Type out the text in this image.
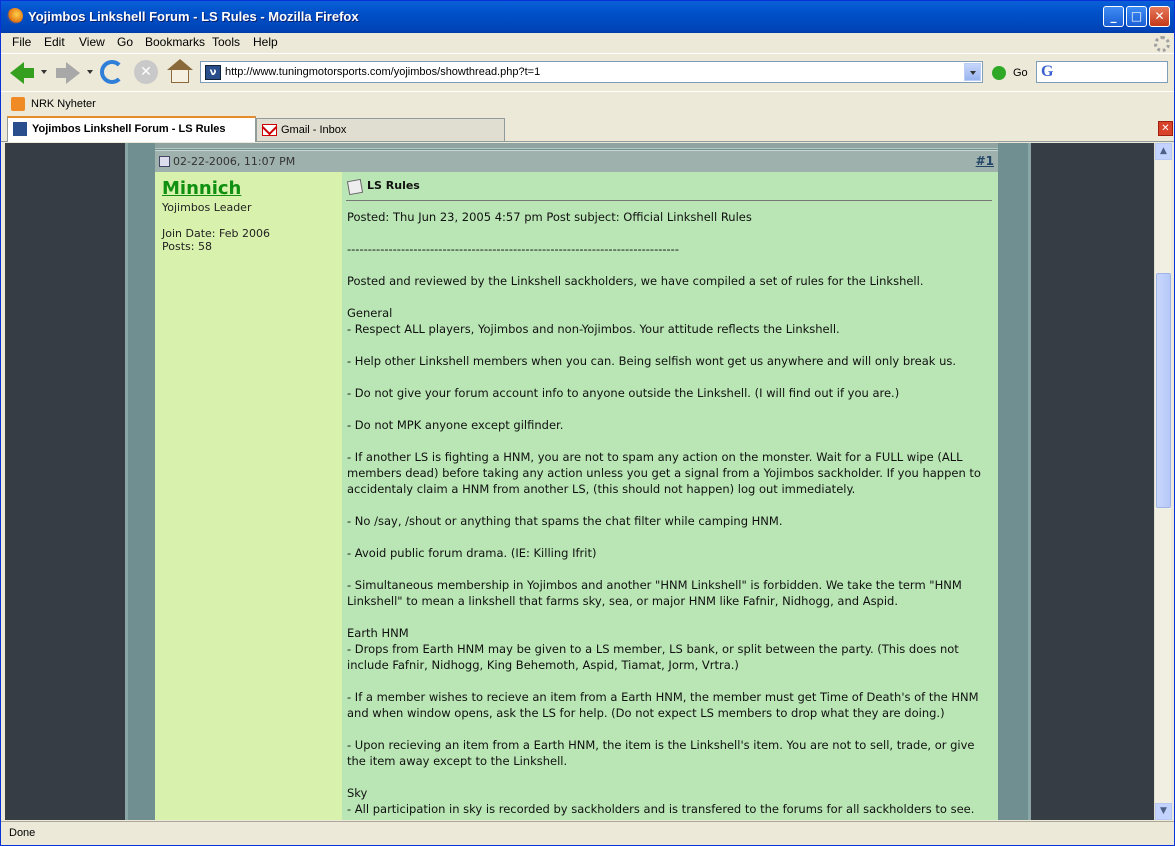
Yojimbos Linkshell Forum - LS Rules - Mozilla Firefox	_	□	✕
File Edit View Go Bookmarks Tools Help
✕	ν http://www.tuningmotorsports.com/yojimbos/showthread.php?t=1	Go G
NRK Nyheter
Yojimbos Linkshell Forum - LS Rules	Gmail - Inbox	✕
02-22-2006, 11:07 PM	#1
Minnich
Yojimbos Leader
Join Date: Feb 2006
Posts: 58
LS Rules
Posted: Thu Jun 23, 2005 4:57 pm Post subject: Official Linkshell Rules
--------------------------------------------------------------------------------
Posted and reviewed by the Linkshell sackholders, we have compiled a set of rules for the Linkshell.
General
- Respect ALL players, Yojimbos and non-Yojimbos. Your attitude reflects the Linkshell.
- Help other Linkshell members when you can. Being selfish wont get us anywhere and will only break us.
- Do not give your forum account info to anyone outside the Linkshell. (I will find out if you are.)
- Do not MPK anyone except gilfinder.
- If another LS is fighting a HNM, you are not to spam any action on the monster. Wait for a FULL wipe (ALL
members dead) before taking any action unless you get a signal from a Yojimbos sackholder. If you happen to
accidentaly claim a HNM from another LS, (this should not happen) log out immediately.
- No /say, /shout or anything that spams the chat filter while camping HNM.
- Avoid public forum drama. (IE: Killing Ifrit)
- Simultaneous membership in Yojimbos and another "HNM Linkshell" is forbidden. We take the term "HNM
Linkshell" to mean a linkshell that farms sky, sea, or major HNM like Fafnir, Nidhogg, and Aspid.
Earth HNM
- Drops from Earth HNM may be given to a LS member, LS bank, or split between the party. (This does not
include Fafnir, Nidhogg, King Behemoth, Aspid, Tiamat, Jorm, Vrtra.)
- If a member wishes to recieve an item from a Earth HNM, the member must get Time of Death's of the HNM
and when window opens, ask the LS for help. (Do not expect LS members to drop what they are doing.)
- Upon recieving an item from a Earth HNM, the item is the Linkshell's item. You are not to sell, trade, or give
the item away except to the Linkshell.
Sky
- All participation in sky is recorded by sackholders and is transfered to the forums for all sackholders to see.
▲
▼
Done
